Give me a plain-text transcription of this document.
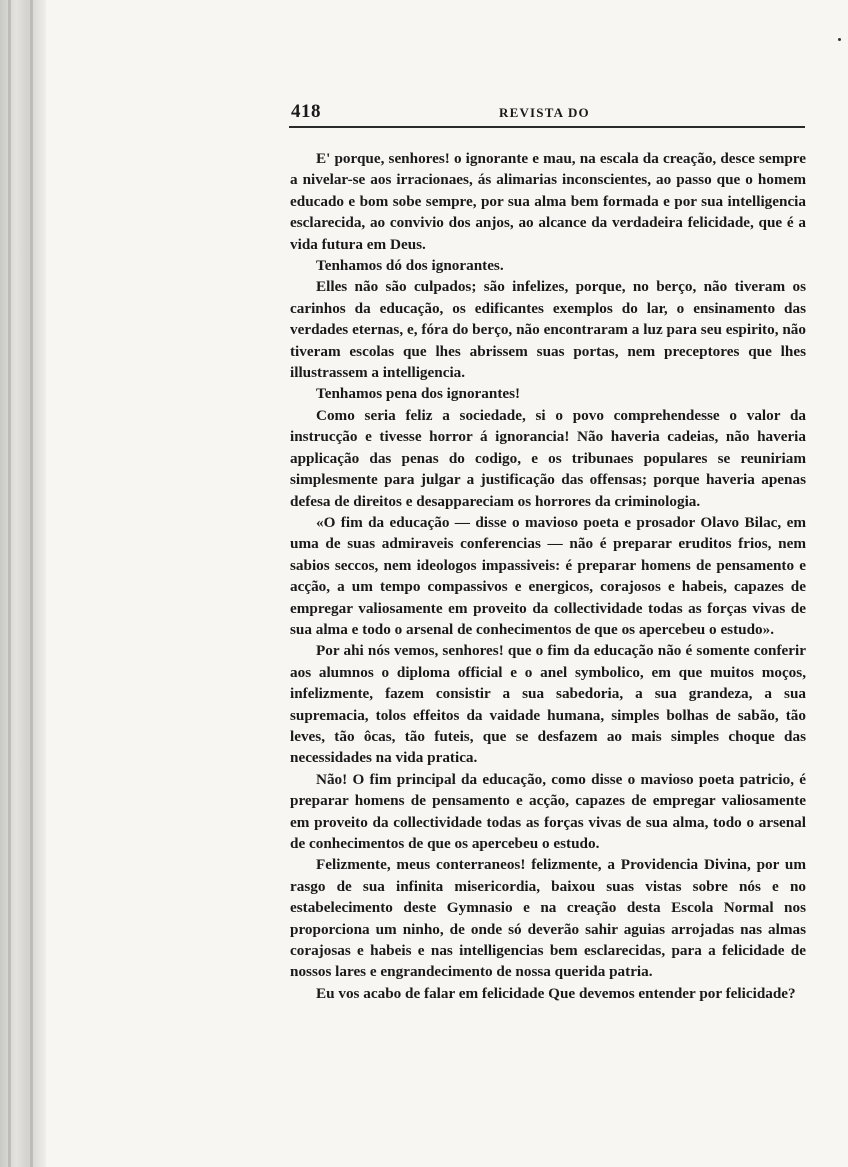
418	REVISTA DO

E' porque, senhores! o ignorante e mau, na escala da creação, desce sempre a nivelar-se aos irracionaes, ás alimarias inconscientes, ao passo que o homem educado e bom sobe sempre, por sua alma bem formada e por sua intelligencia esclarecida, ao convivio dos anjos, ao alcance da verdadeira felicidade, que é a vida futura em Deus.

Tenhamos dó dos ignorantes.

Elles não são culpados; são infelizes, porque, no berço, não tiveram os carinhos da educação, os edificantes exemplos do lar, o ensinamento das verdades eternas, e, fóra do berço, não encontraram a luz para seu espirito, não tiveram escolas que lhes abrissem suas portas, nem preceptores que lhes illustrassem a intelligencia.

Tenhamos pena dos ignorantes!

Como seria feliz a sociedade, si o povo comprehendesse o valor da instrucção e tivesse horror á ignorancia! Não haveria cadeias, não haveria applicação das penas do codigo, e os tribunaes populares se reuniriam simplesmente para julgar a justificação das offensas; porque haveria apenas defesa de direitos e desappareciam os horrores da criminologia.

«O fim da educação — disse o mavioso poeta e prosador Olavo Bilac, em uma de suas admiraveis conferencias — não é preparar eruditos frios, nem sabios seccos, nem ideologos impassiveis: é preparar homens de pensamento e acção, a um tempo compassivos e energicos, corajosos e habeis, capazes de empregar valiosamente em proveito da collectividade todas as forças vivas de sua alma e todo o arsenal de conhecimentos de que os apercebeu o estudo».

Por ahi nós vemos, senhores! que o fim da educação não é somente conferir aos alumnos o diploma official e o anel symbolico, em que muitos moços, infelizmente, fazem consistir a sua sabedoria, a sua grandeza, a sua supremacia, tolos effeitos da vaidade humana, simples bolhas de sabão, tão leves, tão ôcas, tão futeis, que se desfazem ao mais simples choque das necessidades na vida pratica.

Não! O fim principal da educação, como disse o mavioso poeta patricio, é preparar homens de pensamento e acção, capazes de empregar valiosamente em proveito da collectividade todas as forças vivas de sua alma, todo o arsenal de conhecimentos de que os apercebeu o estudo.

Felizmente, meus conterraneos! felizmente, a Providencia Divina, por um rasgo de sua infinita misericordia, baixou suas vistas sobre nós e no estabelecimento deste Gymnasio e na creação desta Escola Normal nos proporciona um ninho, de onde só deverão sahir aguias arrojadas nas almas corajosas e habeis e nas intelligencias bem esclarecidas, para a felicidade de nossos lares e engrandecimento de nossa querida patria.

Eu vos acabo de falar em felicidade Que devemos entender por felicidade?
